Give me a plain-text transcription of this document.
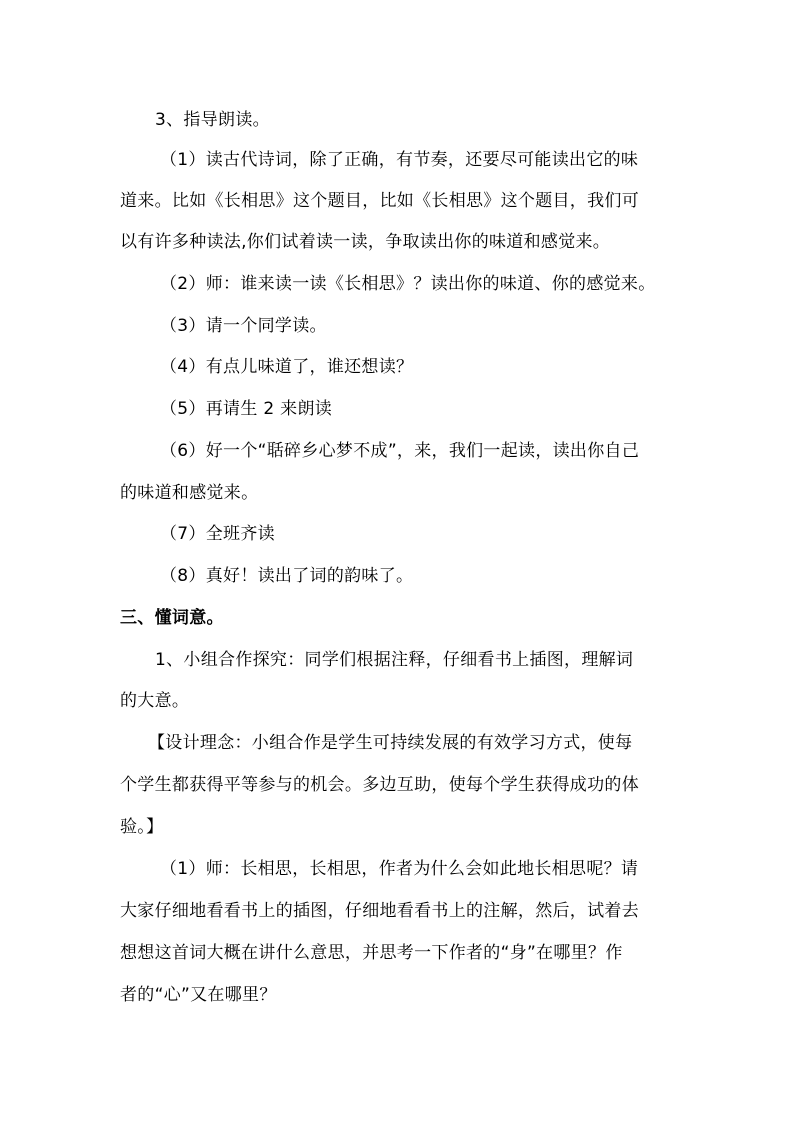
3、指导朗读。
（1）读古代诗词，除了正确，有节奏，还要尽可能读出它的味
道来。比如《长相思》这个题目，比如《长相思》这个题目，我们可
以有许多种读法,你们试着读一读，争取读出你的味道和感觉来。
（2）师：谁来读一读《长相思》？读出你的味道、你的感觉来。
（3）请一个同学读。
（4）有点儿味道了，谁还想读？
（5）再请生 2 来朗读
（6）好一个“聒碎乡心梦不成”，来，我们一起读，读出你自己
的味道和感觉来。
（7）全班齐读
（8）真好！读出了词的韵味了。
三、懂词意。
1、小组合作探究：同学们根据注释，仔细看书上插图，理解词
的大意。
【设计理念：小组合作是学生可持续发展的有效学习方式，使每
个学生都获得平等参与的机会。多边互助，使每个学生获得成功的体
验。】
（1）师：长相思，长相思，作者为什么会如此地长相思呢？请
大家仔细地看看书上的插图，仔细地看看书上的注解，然后，试着去
想想这首词大概在讲什么意思，并思考一下作者的“身”在哪里？作
者的“心”又在哪里？
